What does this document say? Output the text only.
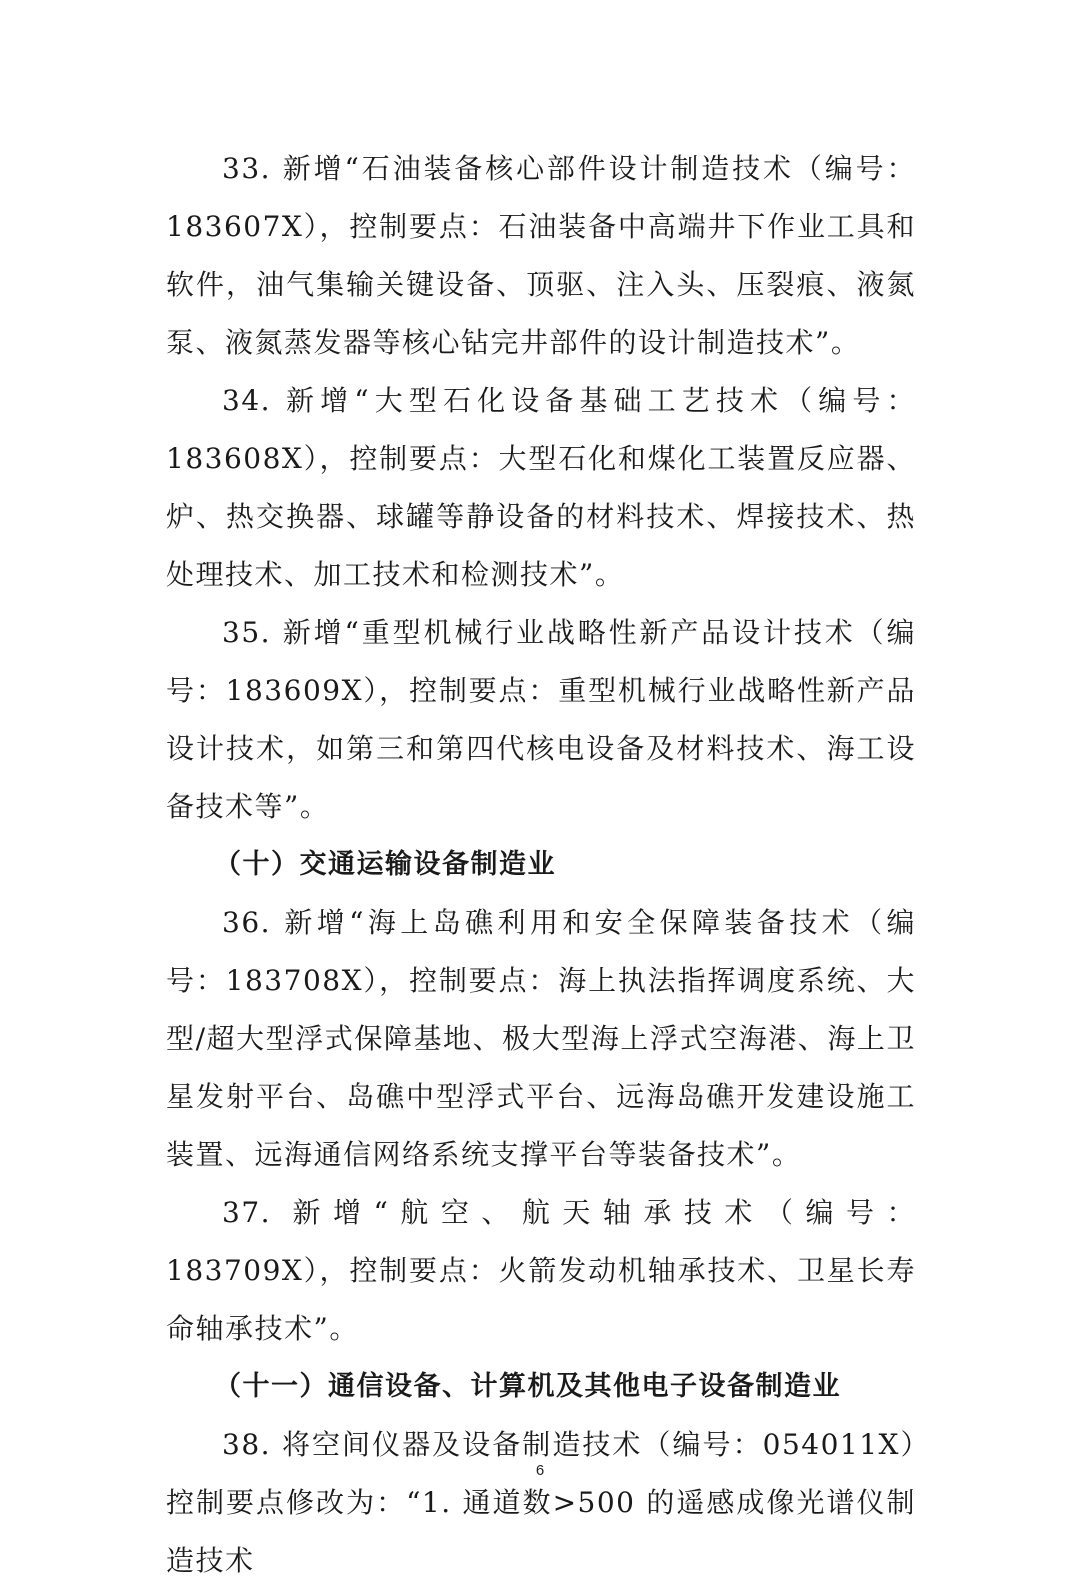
33. 新增“石油装备核心部件设计制造技术（编号：183607X），控制要点：石油装备中高端井下作业工具和软件，油气集输关键设备、顶驱、注入头、压裂痕、液氮泵、液氮蒸发器等核心钻完井部件的设计制造技术”。

34. 新增“大型石化设备基础工艺技术（编号：183608X），控制要点：大型石化和煤化工装置反应器、炉、热交换器、球罐等静设备的材料技术、焊接技术、热处理技术、加工技术和检测技术”。

35. 新增“重型机械行业战略性新产品设计技术（编号：183609X），控制要点：重型机械行业战略性新产品设计技术，如第三和第四代核电设备及材料技术、海工设备技术等”。

（十）交通运输设备制造业

36. 新增“海上岛礁利用和安全保障装备技术（编号：183708X），控制要点：海上执法指挥调度系统、大型/超大型浮式保障基地、极大型海上浮式空海港、海上卫星发射平台、岛礁中型浮式平台、远海岛礁开发建设施工装置、远海通信网络系统支撑平台等装备技术”。

37. 新增“航空、航天轴承技术（编号：183709X），控制要点：火箭发动机轴承技术、卫星长寿命轴承技术”。

（十一）通信设备、计算机及其他电子设备制造业

38. 将空间仪器及设备制造技术（编号：054011X）控制要点修改为：“1. 通道数>500 的遥感成像光谱仪制造技术

6
